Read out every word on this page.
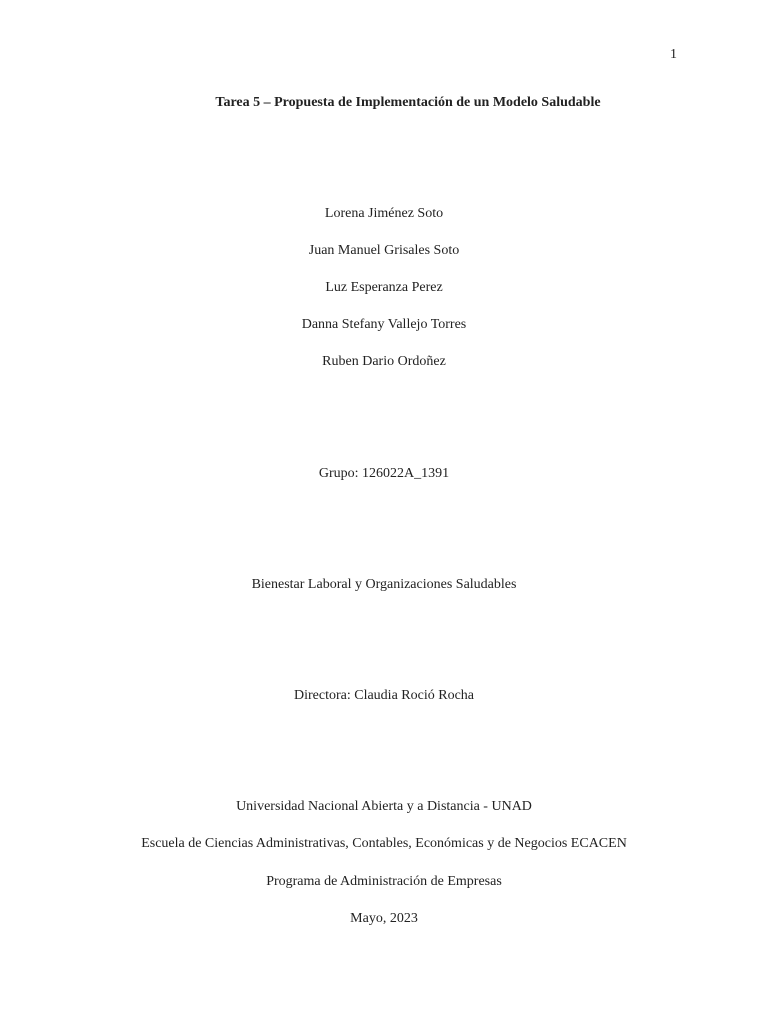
1
Tarea 5 – Propuesta de Implementación de un Modelo Saludable
Lorena Jiménez Soto
Juan Manuel Grisales Soto
Luz Esperanza Perez
Danna Stefany Vallejo Torres
Ruben Dario Ordoñez
Grupo: 126022A_1391
Bienestar Laboral y Organizaciones Saludables
Directora: Claudia Roció Rocha
Universidad Nacional Abierta y a Distancia - UNAD
Escuela de Ciencias Administrativas, Contables, Económicas y de Negocios ECACEN
Programa de Administración de Empresas
Mayo, 2023
